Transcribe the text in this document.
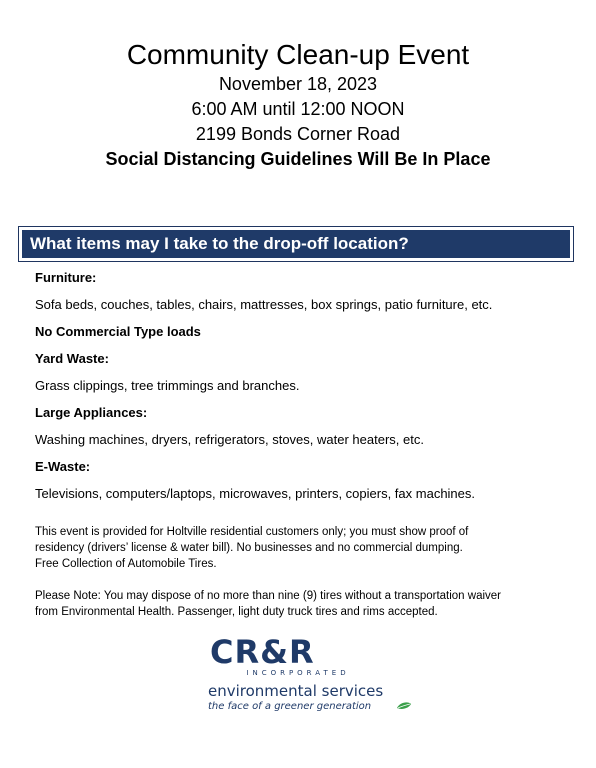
Community Clean-up Event

November 18, 2023

6:00 AM until 12:00 NOON

2199 Bonds Corner Road

Social Distancing Guidelines Will Be In Place

What items may I take to the drop-off location?

Furniture:

Sofa beds, couches, tables, chairs, mattresses, box springs, patio furniture, etc.

No Commercial Type loads

Yard Waste:

Grass clippings, tree trimmings and branches.

Large Appliances:

Washing machines, dryers, refrigerators, stoves, water heaters, etc.

E-Waste:

Televisions, computers/laptops, microwaves, printers, copiers, fax machines.

This event is provided for Holtville residential customers only; you must show proof of

residency (drivers’ license & water bill). No businesses and no commercial dumping.

Free Collection of Automobile Tires.

Please Note: You may dispose of no more than nine (9) tires without a transportation waiver

from Environmental Health. Passenger, light duty truck tires and rims accepted.

CR&R
INCORPORATED
environmental services
the face of a greener generation
